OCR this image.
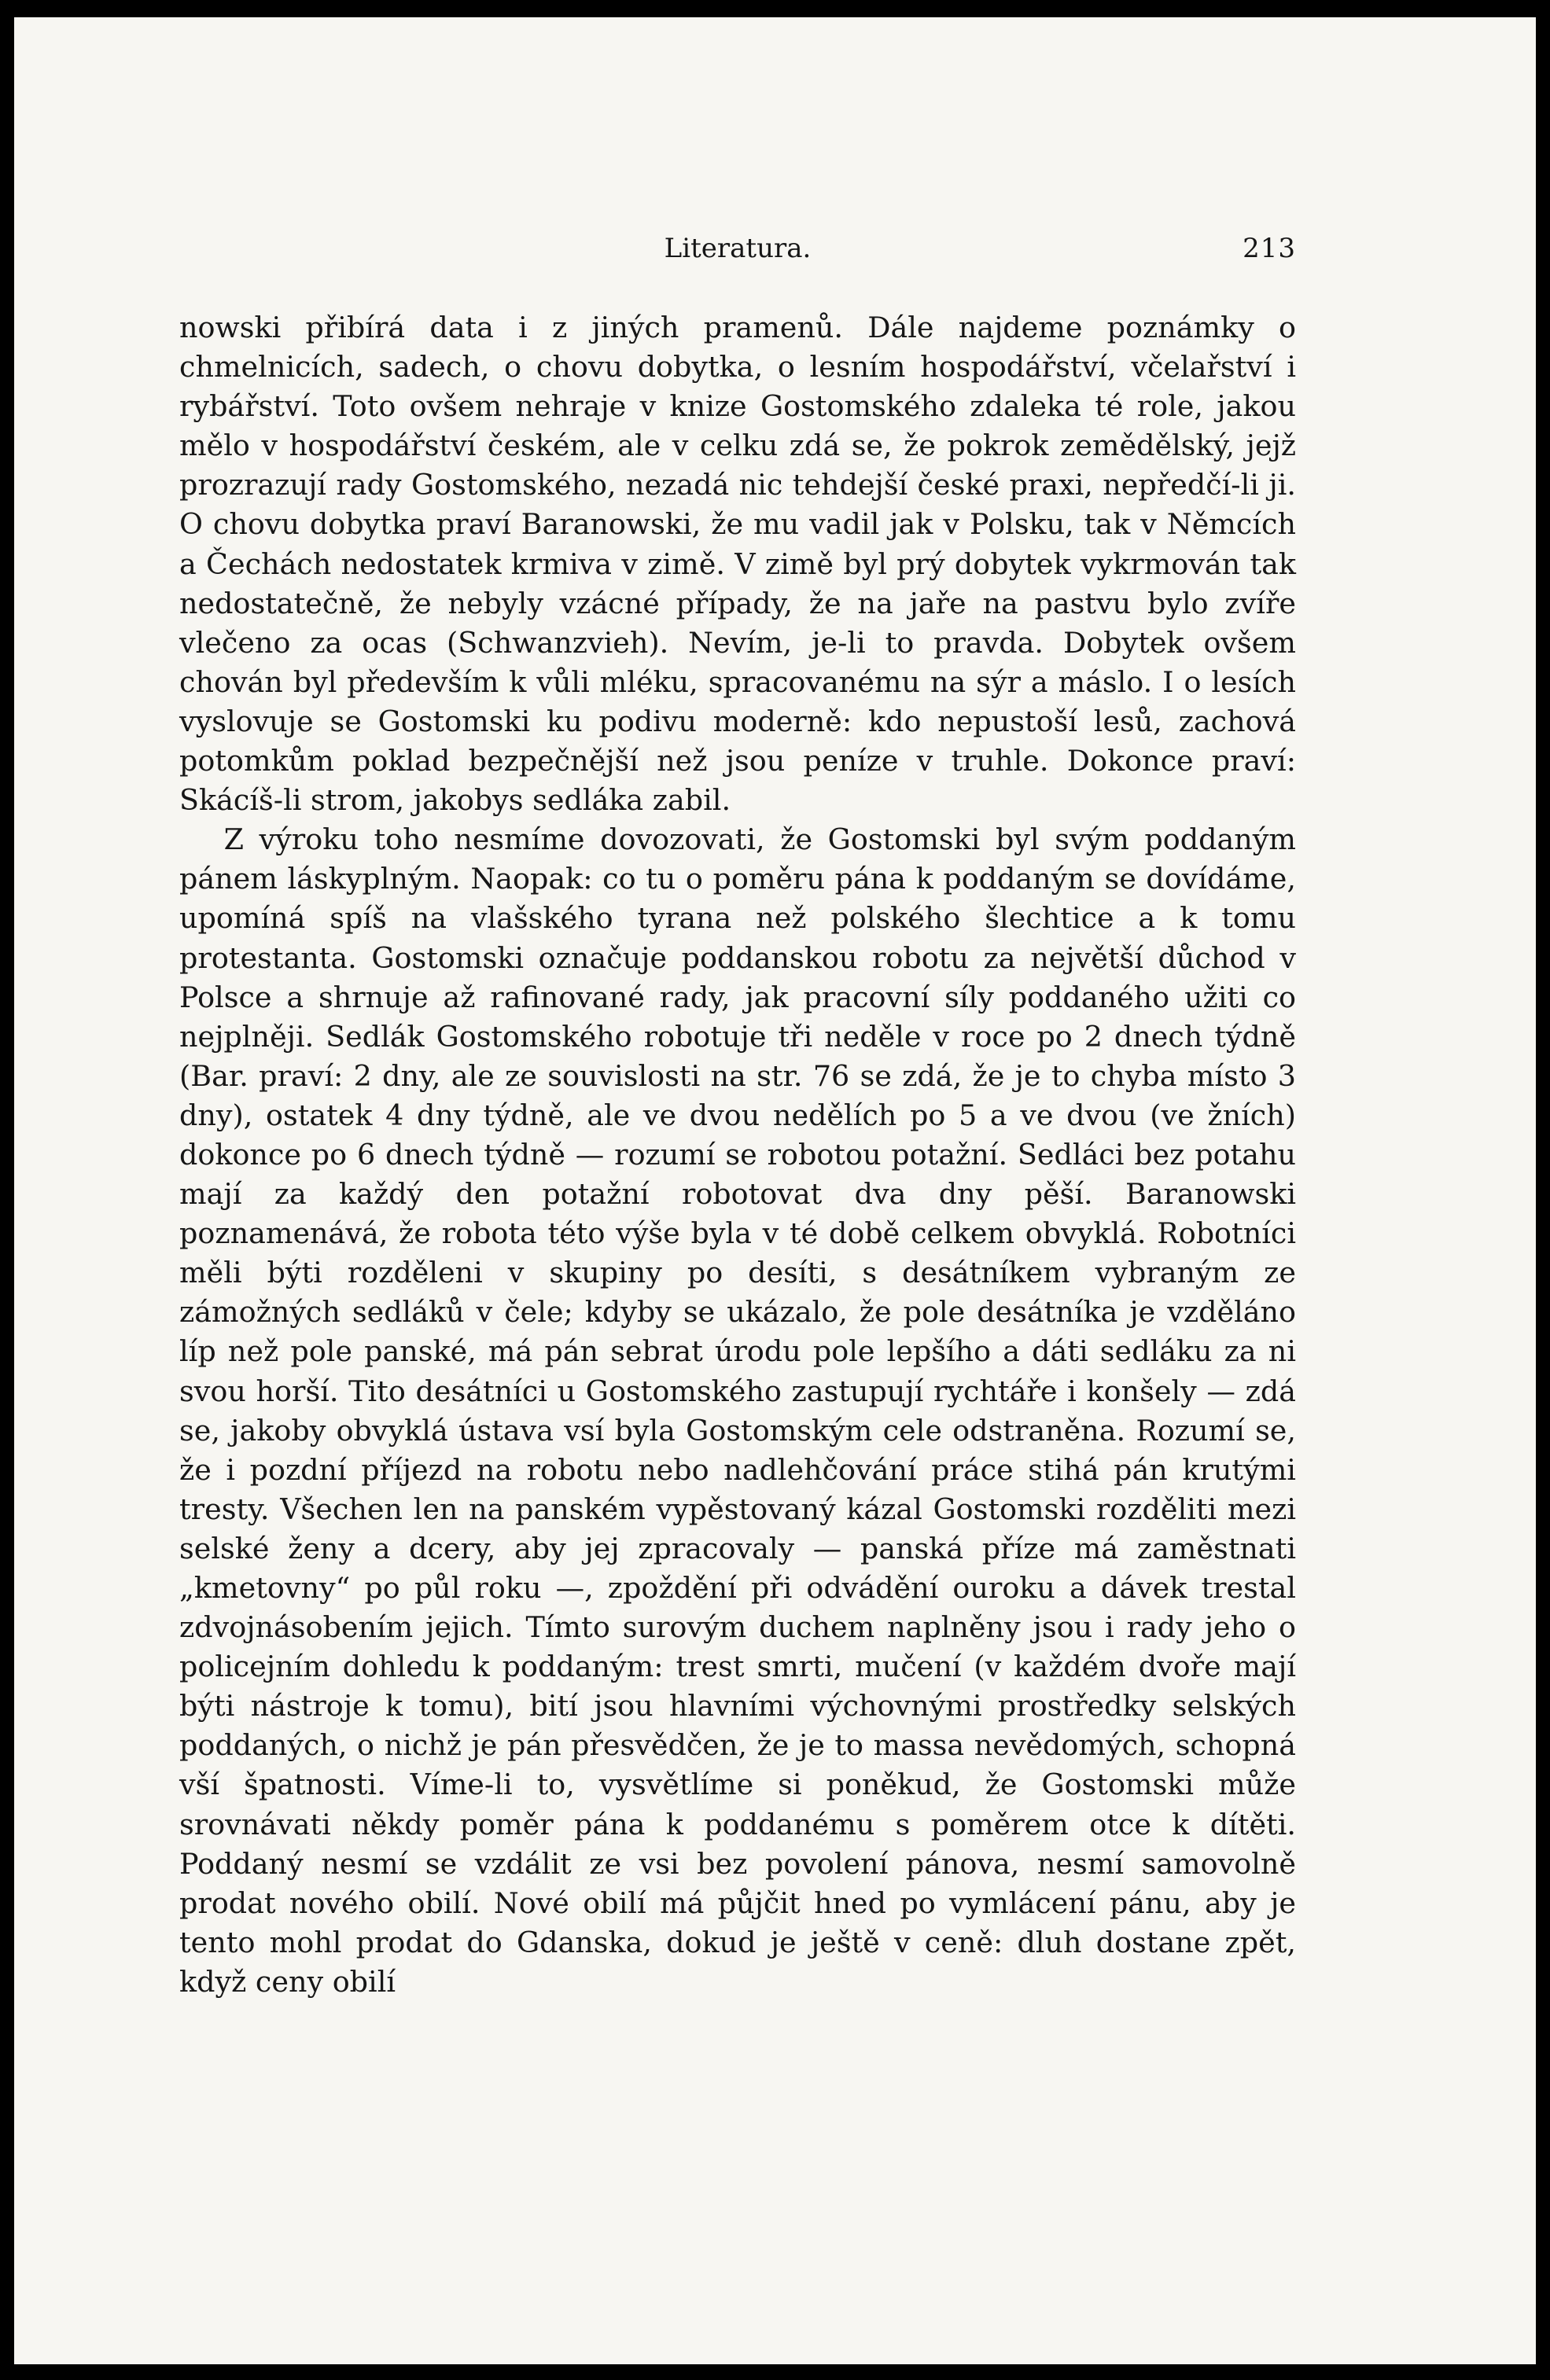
Literatura.	213

nowski přibírá data i z jiných pramenů. Dále najdeme poznámky o chmelnicích, sadech, o chovu dobytka, o lesním hospodářství, včelařství i rybářství. Toto ovšem nehraje v knize Gostomského zdaleka té role, jakou mělo v hospodářství českém, ale v celku zdá se, že pokrok zemědělský, jejž prozrazují rady Gostomského, nezadá nic tehdejší české praxi, nepředčí-li ji. O chovu dobytka praví Baranowski, že mu vadil jak v Polsku, tak v Němcích a Čechách nedostatek krmiva v zimě. V zimě byl prý dobytek vykrmován tak nedostatečně, že nebyly vzácné případy, že na jaře na pastvu bylo zvíře vlečeno za ocas (Schwanzvieh). Nevím, je-li to pravda. Dobytek ovšem chován byl především k vůli mléku, spracovanému na sýr a máslo. I o lesích vyslovuje se Gostomski ku podivu moderně: kdo nepustoší lesů, zachová potomkům poklad bezpečnější než jsou peníze v truhle. Dokonce praví: Skácíš-li strom, jakobys sedláka zabil.

Z výroku toho nesmíme dovozovati, že Gostomski byl svým poddaným pánem láskyplným. Naopak: co tu o poměru pána k poddaným se dovídáme, upomíná spíš na vlašského tyrana než polského šlechtice a k tomu protestanta. Gostomski označuje poddanskou robotu za největší důchod v Polsce a shrnuje až rafinované rady, jak pracovní síly poddaného užiti co nejplněji. Sedlák Gostomského robotuje tři neděle v roce po 2 dnech týdně (Bar. praví: 2 dny, ale ze souvislosti na str. 76 se zdá, že je to chyba místo 3 dny), ostatek 4 dny týdně, ale ve dvou nedělích po 5 a ve dvou (ve žních) dokonce po 6 dnech týdně — rozumí se robotou potažní. Sedláci bez potahu mají za každý den potažní robotovat dva dny pěší. Baranowski poznamenává, že robota této výše byla v té době celkem obvyklá. Robotníci měli býti rozděleni v skupiny po desíti, s desátníkem vybraným ze zámožných sedláků v čele; kdyby se ukázalo, že pole desátníka je vzděláno líp než pole panské, má pán sebrat úrodu pole lepšího a dáti sedláku za ni svou horší. Tito desátníci u Gostomského zastupují rychtáře i konšely — zdá se, jakoby obvyklá ústava vsí byla Gostomským cele odstraněna. Rozumí se, že i pozdní příjezd na robotu nebo nadlehčování práce stihá pán krutými tresty. Všechen len na panském vypěstovaný kázal Gostomski rozděliti mezi selské ženy a dcery, aby jej zpracovaly — panská příze má zaměstnati „kmetovny“ po půl roku —, zpoždění při odvádění ouroku a dávek trestal zdvojnásobením jejich. Tímto surovým duchem naplněny jsou i rady jeho o policejním dohledu k poddaným: trest smrti, mučení (v každém dvoře mají býti nástroje k tomu), bití jsou hlavními výchovnými prostředky selských poddaných, o nichž je pán přesvědčen, že je to massa nevědomých, schopná vší špatnosti. Víme-li to, vysvětlíme si poněkud, že Gostomski může srovnávati někdy poměr pána k poddanému s poměrem otce k dítěti. Poddaný nesmí se vzdálit ze vsi bez povolení pánova, nesmí samovolně prodat nového obilí. Nové obilí má půjčit hned po vymlácení pánu, aby je tento mohl prodat do Gdanska, dokud je ještě v ceně: dluh dostane zpět, když ceny obilí
